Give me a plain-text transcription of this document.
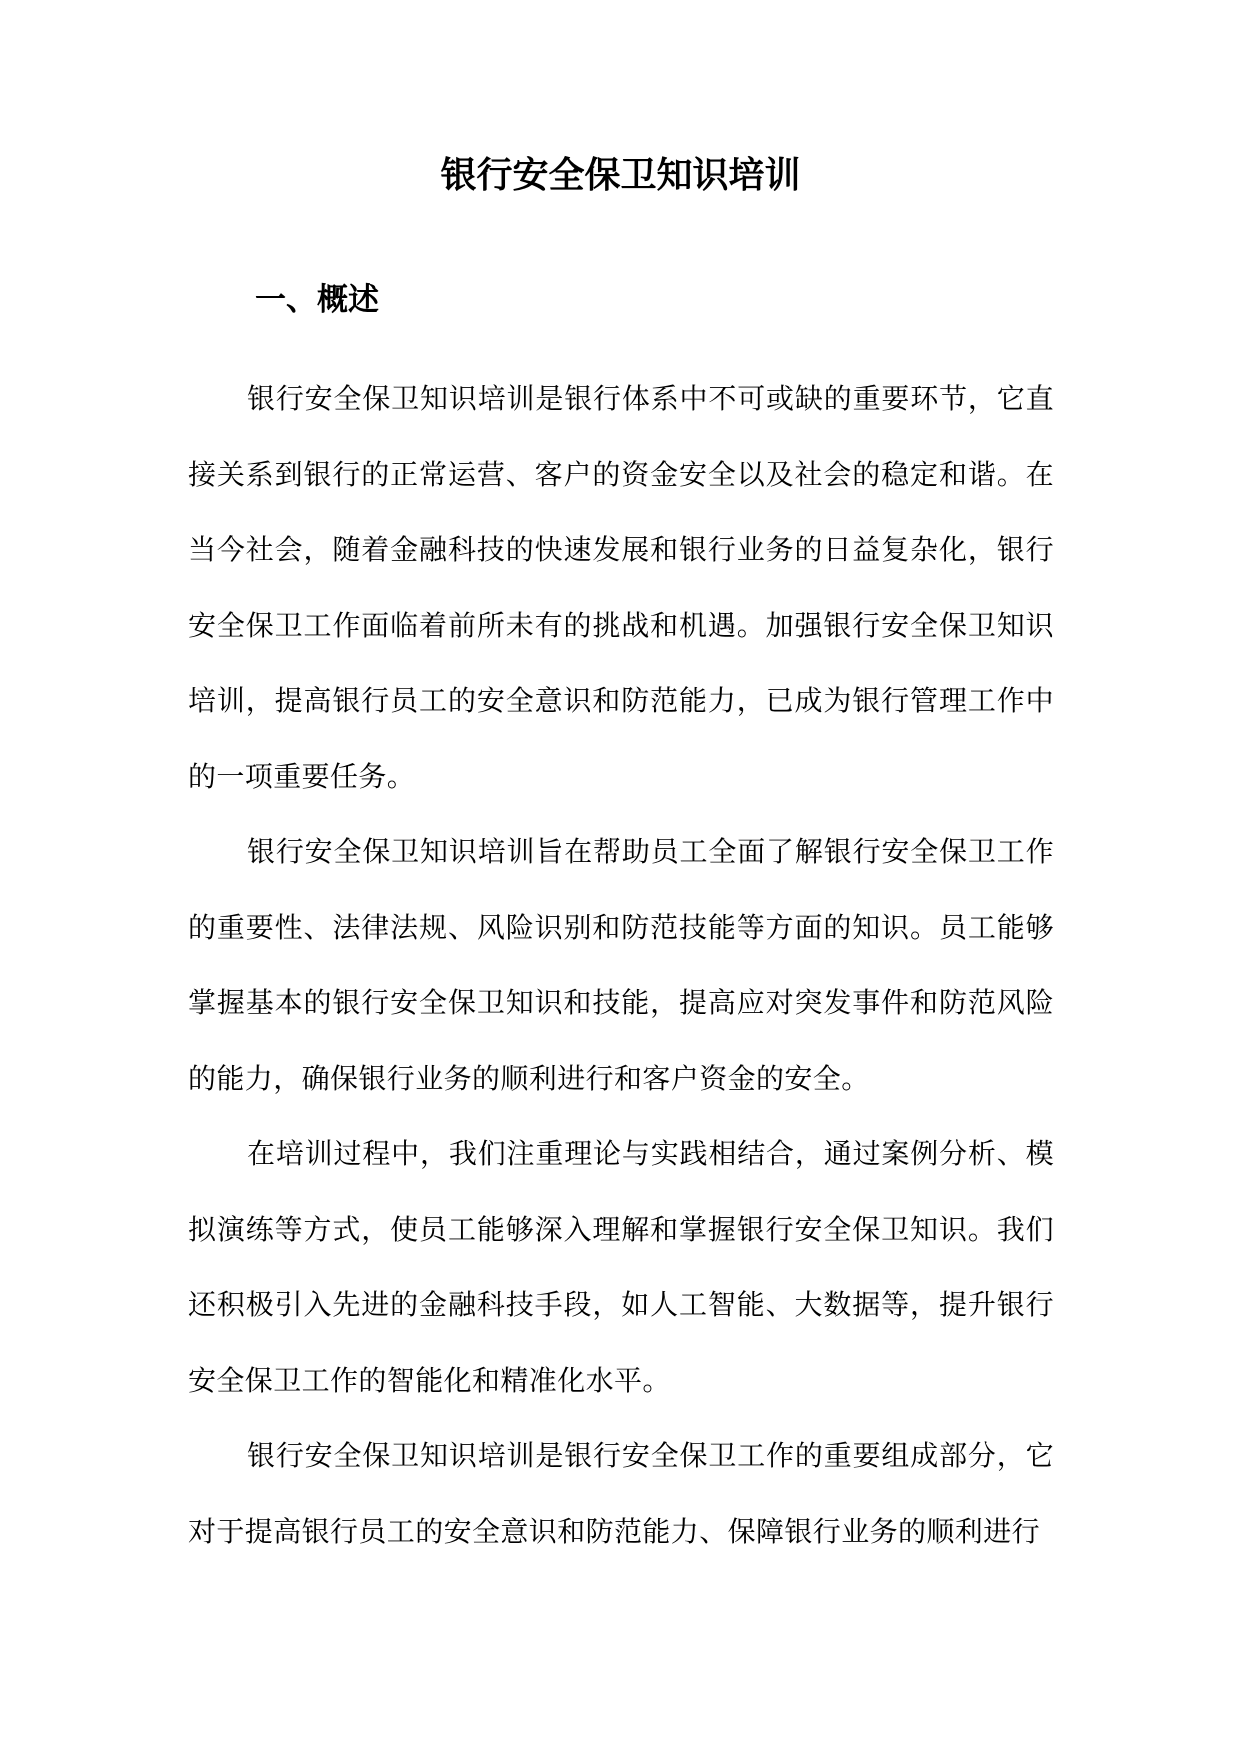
银行安全保卫知识培训
一、概述

银行安全保卫知识培训是银行体系中不可或缺的重要环节，它直接关系到银行的正常运营、客户的资金安全以及社会的稳定和谐。在当今社会，随着金融科技的快速发展和银行业务的日益复杂化，银行安全保卫工作面临着前所未有的挑战和机遇。加强银行安全保卫知识培训，提高银行员工的安全意识和防范能力，已成为银行管理工作中的一项重要任务。

银行安全保卫知识培训旨在帮助员工全面了解银行安全保卫工作的重要性、法律法规、风险识别和防范技能等方面的知识。员工能够掌握基本的银行安全保卫知识和技能，提高应对突发事件和防范风险的能力，确保银行业务的顺利进行和客户资金的安全。

在培训过程中，我们注重理论与实践相结合，通过案例分析、模拟演练等方式，使员工能够深入理解和掌握银行安全保卫知识。我们还积极引入先进的金融科技手段，如人工智能、大数据等，提升银行安全保卫工作的智能化和精准化水平。

银行安全保卫知识培训是银行安全保卫工作的重要组成部分，它对于提高银行员工的安全意识和防范能力、保障银行业务的顺利进行
